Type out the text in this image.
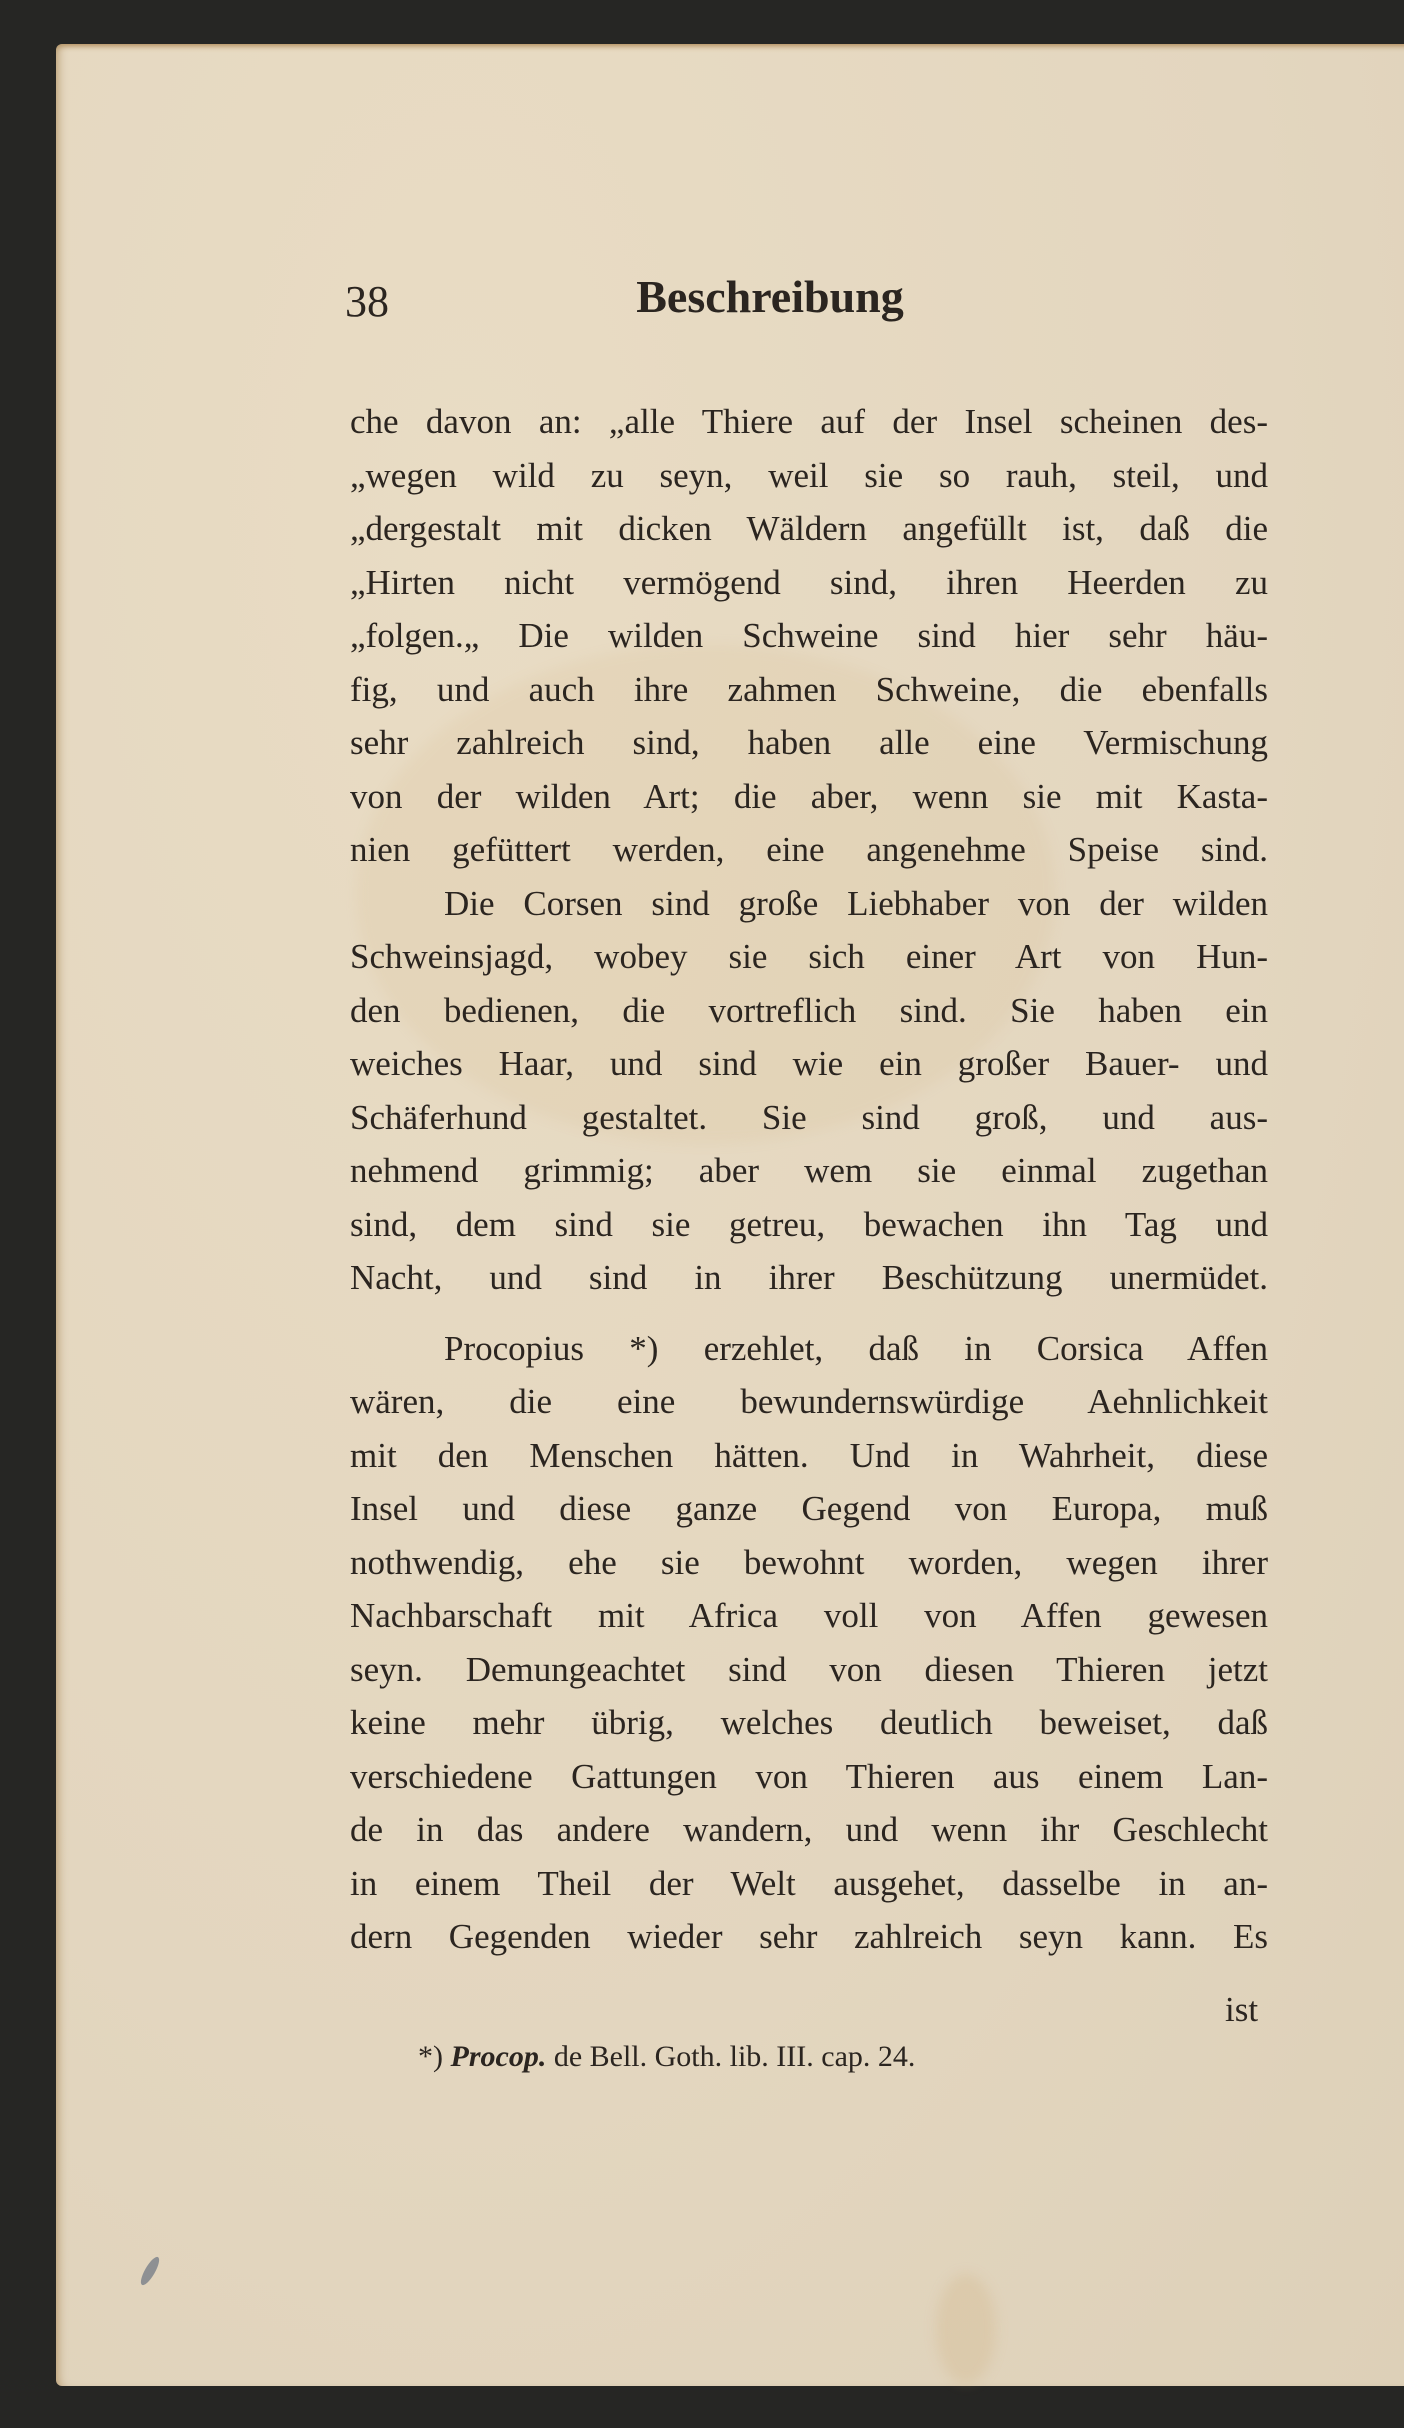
38	Beschreibung
che davon an: „alle Thiere auf der Insel scheinen des-
„wegen wild zu seyn, weil sie so rauh, steil, und
„dergestalt mit dicken Wäldern angefüllt ist, daß die
„Hirten nicht vermögend sind, ihren Heerden zu
„folgen.„ Die wilden Schweine sind hier sehr häu-
fig, und auch ihre zahmen Schweine, die ebenfalls
sehr zahlreich sind, haben alle eine Vermischung
von der wilden Art; die aber, wenn sie mit Kasta-
nien gefüttert werden, eine angenehme Speise sind.
Die Corsen sind große Liebhaber von der wilden
Schweinsjagd, wobey sie sich einer Art von Hun-
den bedienen, die vortreflich sind. Sie haben ein
weiches Haar, und sind wie ein großer Bauer- und
Schäferhund gestaltet. Sie sind groß, und aus-
nehmend grimmig; aber wem sie einmal zugethan
sind, dem sind sie getreu, bewachen ihn Tag und
Nacht, und sind in ihrer Beschützung unermüdet.
Procopius *) erzehlet, daß in Corsica Affen
wären, die eine bewundernswürdige Aehnlichkeit
mit den Menschen hätten. Und in Wahrheit, diese
Insel und diese ganze Gegend von Europa, muß
nothwendig, ehe sie bewohnt worden, wegen ihrer
Nachbarschaft mit Africa voll von Affen gewesen
seyn. Demungeachtet sind von diesen Thieren jetzt
keine mehr übrig, welches deutlich beweiset, daß
verschiedene Gattungen von Thieren aus einem Lan-
de in das andere wandern, und wenn ihr Geschlecht
in einem Theil der Welt ausgehet, dasselbe in an-
dern Gegenden wieder sehr zahlreich seyn kann. Es
ist
*) Procop. de Bell. Goth. lib. III. cap. 24.
